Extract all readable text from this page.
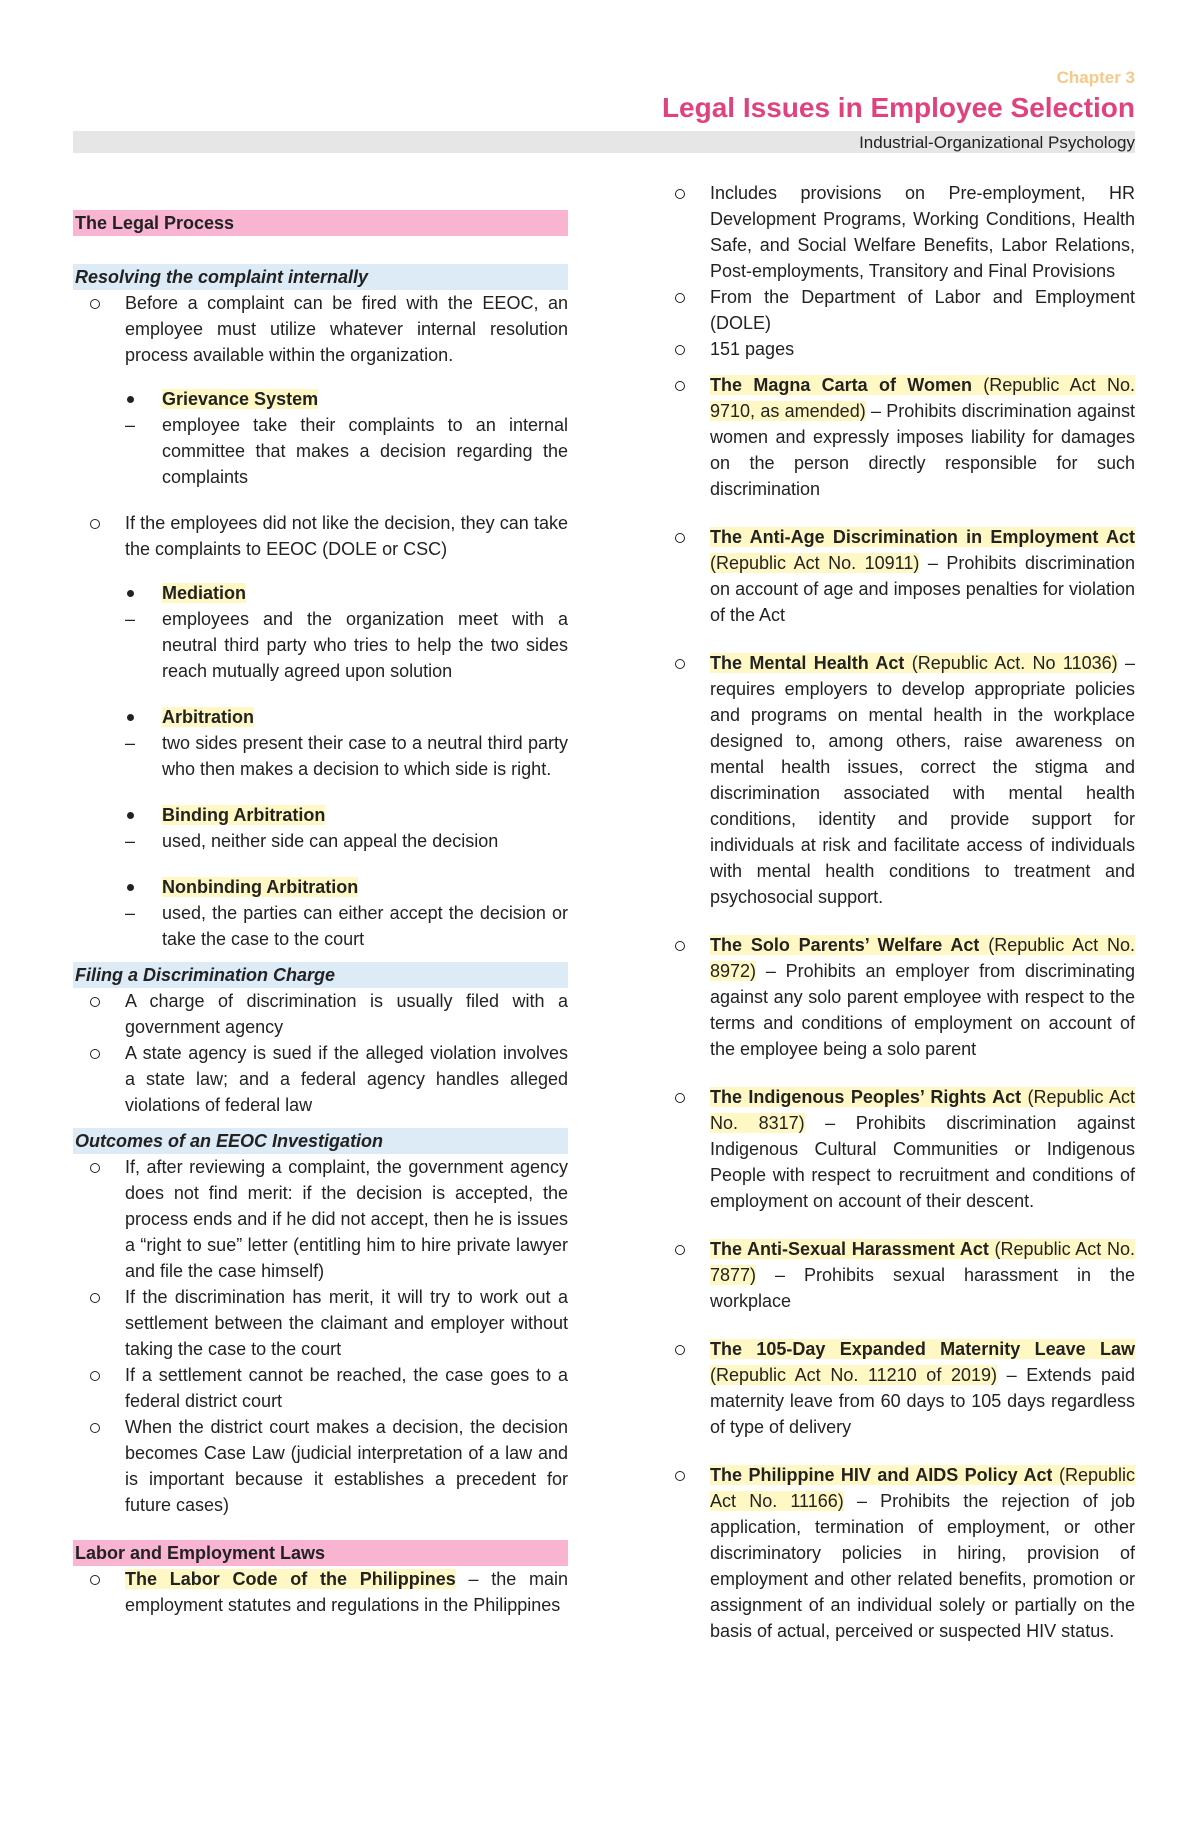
Chapter 3
Legal Issues in Employee Selection
Industrial-Organizational Psychology
The Legal Process
Resolving the complaint internally
Before a complaint can be fired with the EEOC, an employee must utilize whatever internal resolution process available within the organization.
Grievance System
– employee take their complaints to an internal committee that makes a decision regarding the complaints
If the employees did not like the decision, they can take the complaints to EEOC (DOLE or CSC)
Mediation
– employees and the organization meet with a neutral third party who tries to help the two sides reach mutually agreed upon solution
Arbitration
– two sides present their case to a neutral third party who then makes a decision to which side is right.
Binding Arbitration
– used, neither side can appeal the decision
Nonbinding Arbitration
– used, the parties can either accept the decision or take the case to the court
Filing a Discrimination Charge
A charge of discrimination is usually filed with a government agency
A state agency is sued if the alleged violation involves a state law; and a federal agency handles alleged violations of federal law
Outcomes of an EEOC Investigation
If, after reviewing a complaint, the government agency does not find merit: if the decision is accepted, the process ends and if he did not accept, then he is issues a “right to sue” letter (entitling him to hire private lawyer and file the case himself)
If the discrimination has merit, it will try to work out a settlement between the claimant and employer without taking the case to the court
If a settlement cannot be reached, the case goes to a federal district court
When the district court makes a decision, the decision becomes Case Law (judicial interpretation of a law and is important because it establishes a precedent for future cases)
Labor and Employment Laws
The Labor Code of the Philippines – the main employment statutes and regulations in the Philippines
Includes provisions on Pre-employment, HR Development Programs, Working Conditions, Health Safe, and Social Welfare Benefits, Labor Relations, Post-employments, Transitory and Final Provisions
From the Department of Labor and Employment (DOLE)
151 pages
The Magna Carta of Women (Republic Act No. 9710, as amended) – Prohibits discrimination against women and expressly imposes liability for damages on the person directly responsible for such discrimination
The Anti-Age Discrimination in Employment Act (Republic Act No. 10911) – Prohibits discrimination on account of age and imposes penalties for violation of the Act
The Mental Health Act (Republic Act. No 11036) – requires employers to develop appropriate policies and programs on mental health in the workplace designed to, among others, raise awareness on mental health issues, correct the stigma and discrimination associated with mental health conditions, identity and provide support for individuals at risk and facilitate access of individuals with mental health conditions to treatment and psychosocial support.
The Solo Parents’ Welfare Act (Republic Act No. 8972) – Prohibits an employer from discriminating against any solo parent employee with respect to the terms and conditions of employment on account of the employee being a solo parent
The Indigenous Peoples’ Rights Act (Republic Act No. 8317) – Prohibits discrimination against Indigenous Cultural Communities or Indigenous People with respect to recruitment and conditions of employment on account of their descent.
The Anti-Sexual Harassment Act (Republic Act No. 7877) – Prohibits sexual harassment in the workplace
The 105-Day Expanded Maternity Leave Law (Republic Act No. 11210 of 2019) – Extends paid maternity leave from 60 days to 105 days regardless of type of delivery
The Philippine HIV and AIDS Policy Act (Republic Act No. 11166) – Prohibits the rejection of job application, termination of employment, or other discriminatory policies in hiring, provision of employment and other related benefits, promotion or assignment of an individual solely or partially on the basis of actual, perceived or suspected HIV status.
